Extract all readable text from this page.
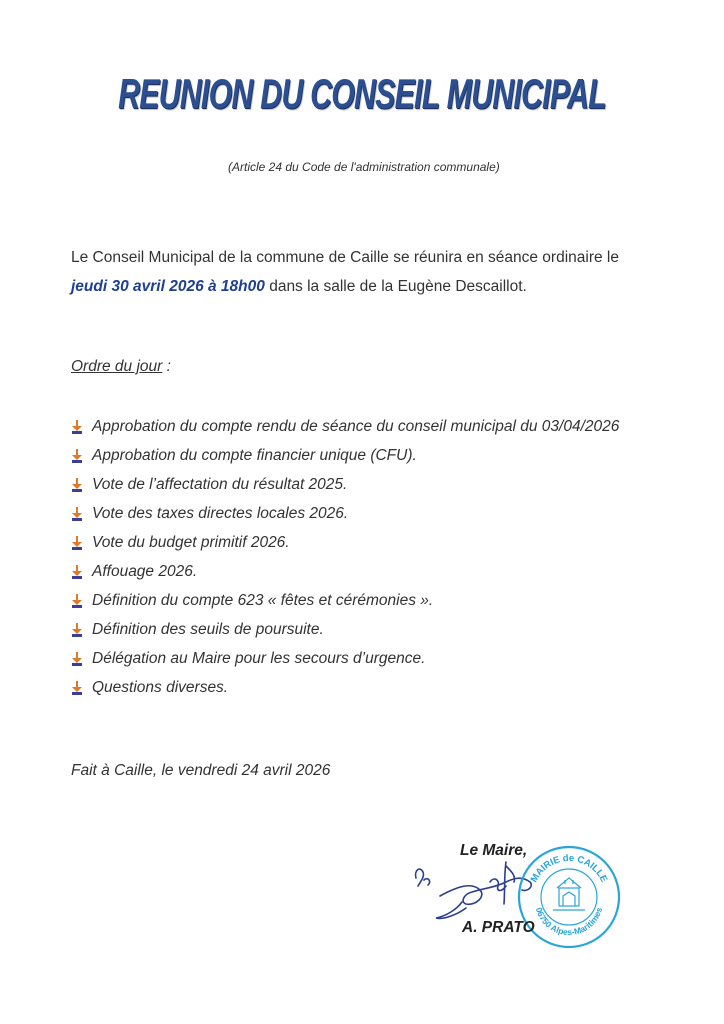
REUNION DU CONSEIL MUNICIPAL
(Article 24 du Code de l'administration communale)
Le Conseil Municipal de la commune de Caille se réunira en séance ordinaire le
jeudi 30 avril 2026 à 18h00 dans la salle de la Eugène Descaillot.
Ordre du jour :
Approbation du compte rendu de séance du conseil municipal du 03/04/2026
Approbation du compte financier unique (CFU).
Vote de l’affectation du résultat 2025.
Vote des taxes directes locales 2026.
Vote du budget primitif 2026.
Affouage 2026.
Définition du compte 623 « fêtes et cérémonies ».
Définition des seuils de poursuite.
Délégation au Maire pour les secours d’urgence.
Questions diverses.
Fait à Caille, le vendredi 24 avril 2026
Le Maire,
MAIRIE de CAILLE
06750 Alpes-Maritimes
A. PRATO
